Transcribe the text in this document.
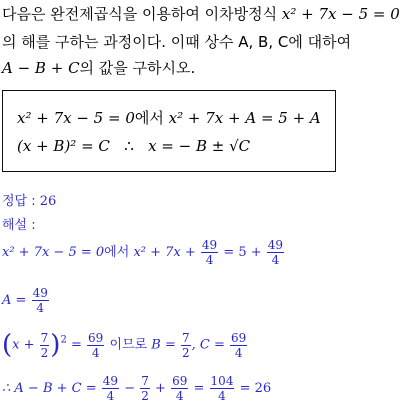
다음은 완전제곱식을 이용하여 이차방정식 x² + 7x − 5 = 0
의 해를 구하는 과정이다. 이때 상수 A, B, C에 대하여
A − B + C의 값을 구하시오.
x² + 7x − 5 = 0에서 x² + 7x + A = 5 + A
(x + B)² = C ∴ x = − B ± √C
정답 : 26
해설 :
x² + 7x − 5 = 0에서 $x^2 + 7x + \frac{49}{4} = 5 + \frac{49}{4}$
$A = \frac{49}{4}$
$(x + \frac{7}{2} )^2 = \frac{69}{4}$ 이므로 $B = \frac{7}{2}$ , $C = \frac{69}{4}$
∴ $A - B + C = \frac{49}{4} - \frac{7}{2} + \frac{69}{4} = \frac{104}{4} = 26$
